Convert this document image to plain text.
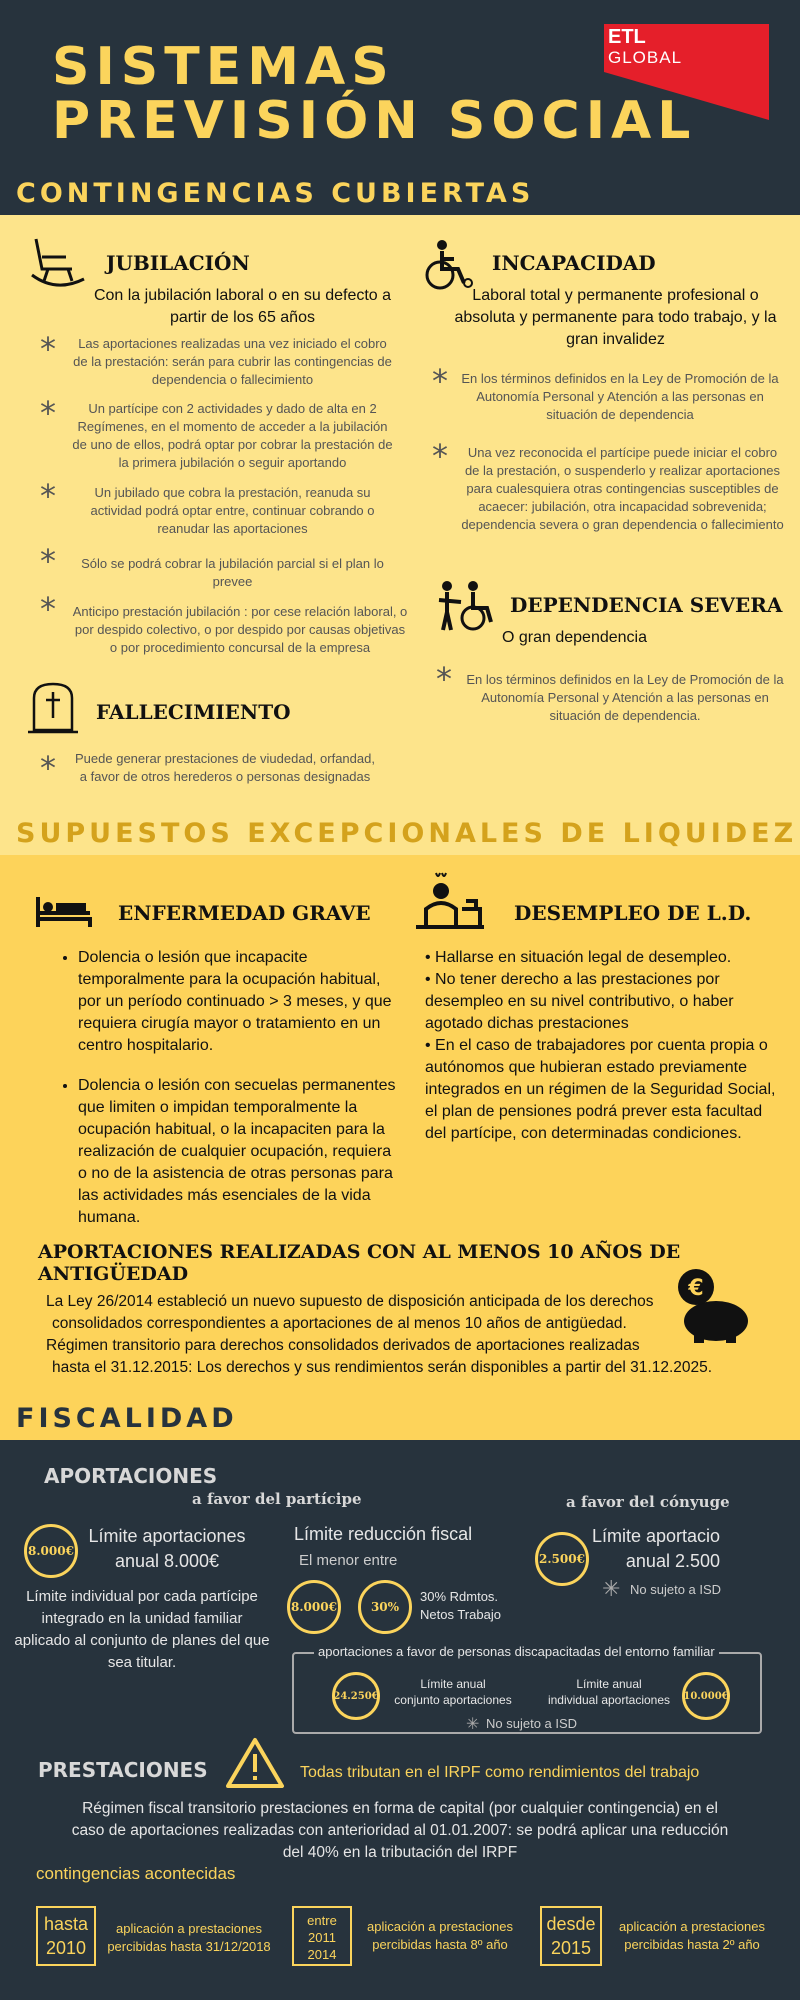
SISTEMAS
PREVISIÓN SOCIAL
ETL
GLOBAL
CONTINGENCIAS CUBIERTAS
JUBILACIÓN
Con la jubilación laboral o en su defecto a partir de los 65 años
*	Las aportaciones realizadas una vez iniciado el cobro de la prestación: serán para cubrir las contingencias de dependencia o fallecimiento
*	Un partícipe con 2 actividades y dado de alta en 2 Regímenes, en el momento de acceder a la jubilación de uno de ellos, podrá optar por cobrar la prestación de la primera jubilación o seguir aportando
*	Un jubilado que cobra la prestación, reanuda su actividad podrá optar entre, continuar cobrando o reanudar las aportaciones
*	Sólo se podrá cobrar la jubilación parcial si el plan lo prevee
* Anticipo prestación jubilación : por cese relación laboral, o por despido colectivo, o por despido por causas objetivas o por procedimiento concursal de la empresa
FALLECIMIENTO
*	Puede generar prestaciones de viudedad, orfandad, a favor de otros herederos o personas designadas
INCAPACIDAD
Laboral total y permanente profesional o absoluta y permanente para todo trabajo, y la gran invalidez
* En los términos definidos en la Ley de Promoción de la Autonomía Personal y Atención a las personas en situación de dependencia
*	Una vez reconocida el partícipe puede iniciar el cobro de la prestación, o suspenderlo y realizar aportaciones para cualesquiera otras contingencias susceptibles de acaecer: jubilación, otra incapacidad sobrevenida; dependencia severa o gran dependencia o fallecimiento
DEPENDENCIA SEVERA
O gran dependencia
* En los términos definidos en la Ley de Promoción de la Autonomía Personal y Atención a las personas en situación de dependencia.
SUPUESTOS EXCEPCIONALES DE LIQUIDEZ
ENFERMEDAD GRAVE
• Dolencia o lesión que incapacite temporalmente para la ocupación habitual, por un período continuado > 3 meses, y que requiera cirugía mayor o tratamiento en un centro hospitalario.
• Dolencia o lesión con secuelas permanentes que limiten o impidan temporalmente la ocupación habitual, o la incapaciten para la realización de cualquier ocupación, requiera o no de la asistencia de otras personas para las actividades más esenciales de la vida humana.
DESEMPLEO DE L.D.
• Hallarse en situación legal de desempleo.
• No tener derecho a las prestaciones por desempleo en su nivel contributivo, o haber agotado dichas prestaciones
• En el caso de trabajadores por cuenta propia o autónomos que hubieran estado previamente integrados en un régimen de la Seguridad Social, el plan de pensiones podrá prever esta facultad del partícipe, con determinadas condiciones.
APORTACIONES REALIZADAS CON AL MENOS 10 AÑOS DE ANTIGÜEDAD
La Ley 26/2014 estableció un nuevo supuesto de disposición anticipada de los derechos
consolidados correspondientes a aportaciones de al menos 10 años de antigüedad.
Régimen transitorio para derechos consolidados derivados de aportaciones realizadas
hasta el 31.12.2015: Los derechos y sus rendimientos serán disponibles a partir del 31.12.2025.
€
FISCALIDAD
APORTACIONES
a favor del partícipe	a favor del cónyuge
8.000€
Límite aportaciones
anual 8.000€
Límite individual por cada partícipe integrado en la unidad familiar aplicado al conjunto de planes del que sea titular.
Límite reducción fiscal
El menor entre
8.000€	30%
30% Rdmtos.
Netos Trabajo
2.500€
Límite aportacio
anual 2.500
✳ No sujeto a ISD
aportaciones a favor de personas discapacitadas del entorno familiar
24.250€
Límite anual
conjunto aportaciones
Límite anual
individual aportaciones	10.000€
✳ No sujeto a ISD
PRESTACIONES	Todas tributan en el IRPF como rendimientos del trabajo
Régimen fiscal transitorio prestaciones en forma de capital (por cualquier contingencia) en el
caso de aportaciones realizadas con anterioridad al 01.01.2007: se podrá aplicar una reducción
del 40% en la tributación del IRPF
contingencias acontecidas
hasta
2010
aplicación a prestaciones
percibidas hasta 31/12/2018
entre
2011
2014
aplicación a prestaciones
percibidas hasta 8º año
desde
2015
aplicación a prestaciones
percibidas hasta 2º año
